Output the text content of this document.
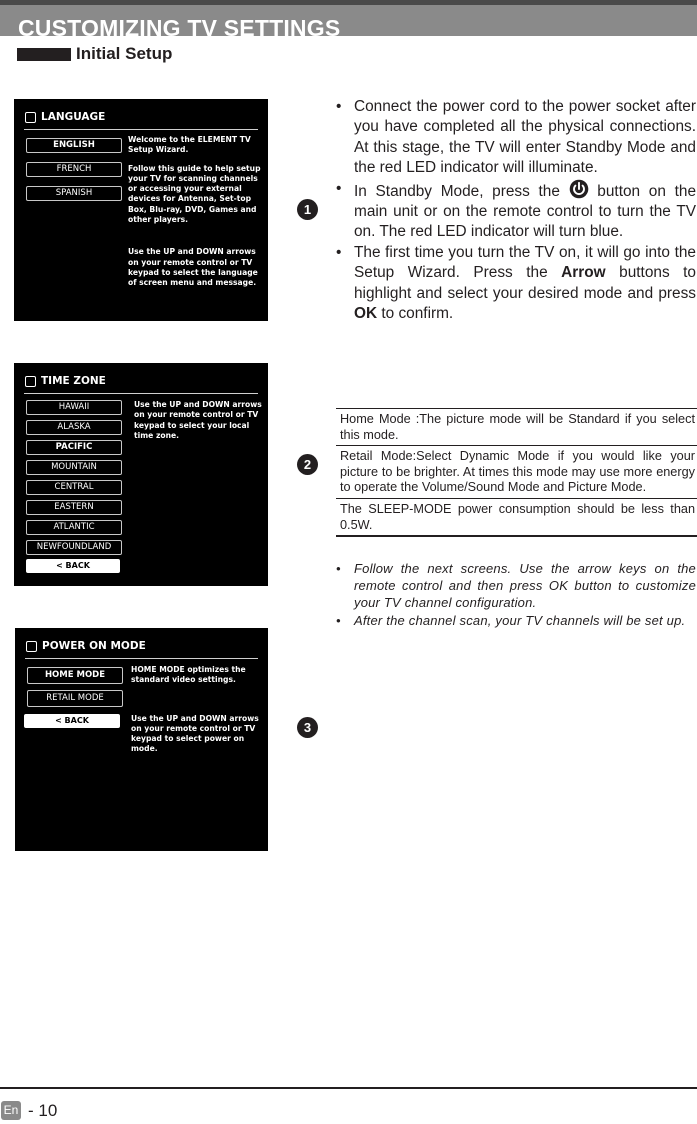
CUSTOMIZING TV SETTINGS
Initial Setup
LANGUAGE
ENGLISH
FRENCH
SPANISH

Welcome to the ELEMENT TV Setup Wizard.

Follow this guide to help setup your TV for scanning channels or accessing your external devices for Antenna, Set-top Box, Blu-ray, DVD, Games and other players.

Use the UP and DOWN arrows on your remote control or TV keypad to select the language of screen menu and message.

TIME ZONE
HAWAII
ALASKA
PACIFIC
MOUNTAIN
CENTRAL
EASTERN
ATLANTIC
NEWFOUNDLAND
< BACK

Use the UP and DOWN arrows on your remote control or TV keypad to select your local time zone.

POWER ON MODE
HOME MODE
RETAIL MODE
< BACK

HOME MODE optimizes the standard video settings.

Use the UP and DOWN arrows on your remote control or TV keypad to select power on mode.

1
2
3
• Connect the power cord to the power socket after you have completed all the physical connections. At this stage, the TV will enter Standby Mode and the red LED indicator will illuminate.
• In Standby Mode, press the  button on the main unit or on the remote control to turn the TV on. The red LED indicator will turn blue.
• The first time you turn the TV on, it will go into the Setup Wizard. Press the Arrow buttons to highlight and select your desired mode and press OK to confirm.
Home Mode :The picture mode will be Standard if you select this mode.
Retail Mode:Select Dynamic Mode if you would like your picture to be brighter. At times this mode may use more energy to operate the Volume/Sound Mode and Picture Mode.
The SLEEP-MODE power consumption should be less than 0.5W.
• Follow the next screens. Use the arrow keys on the remote control and then press OK button to customize your TV channel configuration.
• After the channel scan, your TV channels will be set up.
En - 10
